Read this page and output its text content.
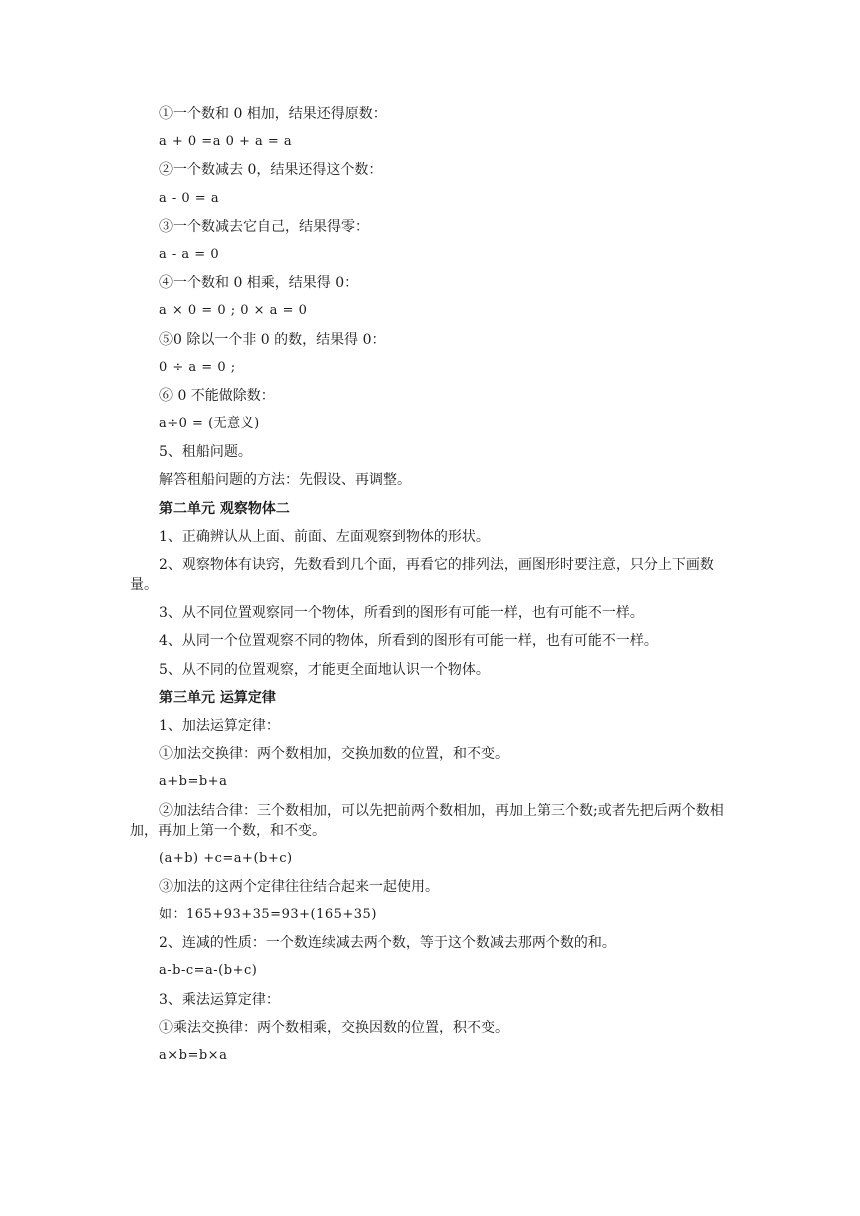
①一个数和 0 相加，结果还得原数：

a + 0 =a 0 + a = a

②一个数减去 0，结果还得这个数：

a - 0 = a

③一个数减去它自己，结果得零：

a - a = 0

④一个数和 0 相乘，结果得 0：

a × 0 = 0 ; 0 × a = 0

⑤0 除以一个非 0 的数，结果得 0：

0 ÷ a = 0 ;

⑥ 0 不能做除数：

a÷0 = (无意义)

5、租船问题。

解答租船问题的方法：先假设、再调整。

第二单元 观察物体二

1、正确辨认从上面、前面、左面观察到物体的形状。

2、观察物体有诀窍，先数看到几个面，再看它的排列法，画图形时要注意，只分上下画数量。

3、从不同位置观察同一个物体，所看到的图形有可能一样，也有可能不一样。

4、从同一个位置观察不同的物体，所看到的图形有可能一样，也有可能不一样。

5、从不同的位置观察，才能更全面地认识一个物体。

第三单元 运算定律

1、加法运算定律：

①加法交换律：两个数相加，交换加数的位置，和不变。

a+b=b+a

②加法结合律：三个数相加，可以先把前两个数相加，再加上第三个数;或者先把后两个数相加，再加上第一个数，和不变。

(a+b) +c=a+(b+c)

③加法的这两个定律往往结合起来一起使用。

如：165+93+35=93+(165+35)

2、连减的性质：一个数连续减去两个数，等于这个数减去那两个数的和。

a-b-c=a-(b+c)

3、乘法运算定律：

①乘法交换律：两个数相乘，交换因数的位置，积不变。

a×b=b×a
